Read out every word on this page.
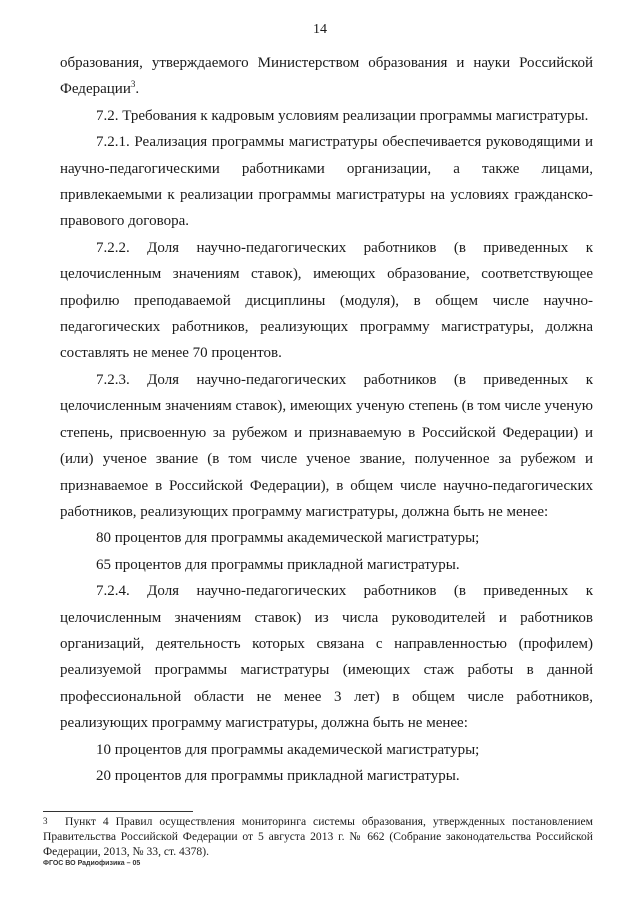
14

образования, утверждаемого Министерством образования и науки Российской Федерации$^3$.

7.2. Требования к кадровым условиям реализации программы магистратуры.

7.2.1. Реализация программы магистратуры обеспечивается руководящими и научно-педагогическими работниками организации, а также лицами, привлекаемыми к реализации программы магистратуры на условиях гражданско-правового договора.

7.2.2. Доля научно-педагогических работников (в приведенных к целочисленным значениям ставок), имеющих образование, соответствующее профилю преподаваемой дисциплины (модуля), в общем числе научно-педагогических работников, реализующих программу магистратуры, должна составлять не менее 70 процентов.

7.2.3. Доля научно-педагогических работников (в приведенных к целочисленным значениям ставок), имеющих ученую степень (в том числе ученую степень, присвоенную за рубежом и признаваемую в Российской Федерации) и (или) ученое звание (в том числе ученое звание, полученное за рубежом и признаваемое в Российской Федерации), в общем числе научно-педагогических работников, реализующих программу магистратуры, должна быть не менее:

80 процентов для программы академической магистратуры;

65 процентов для программы прикладной магистратуры.

7.2.4. Доля научно-педагогических работников (в приведенных к целочисленным значениям ставок) из числа руководителей и работников организаций, деятельность которых связана с направленностью (профилем) реализуемой программы магистратуры (имеющих стаж работы в данной профессиональной области не менее 3 лет) в общем числе работников, реализующих программу магистратуры, должна быть не менее:

10 процентов для программы академической магистратуры;

20 процентов для программы прикладной магистратуры.

3 Пункт 4 Правил осуществления мониторинга системы образования, утвержденных постановлением Правительства Российской Федерации от 5 августа 2013 г. № 662 (Собрание законодательства Российской Федерации, 2013, № 33, ст. 4378).

ФГОС ВО Радиофизика – 05
